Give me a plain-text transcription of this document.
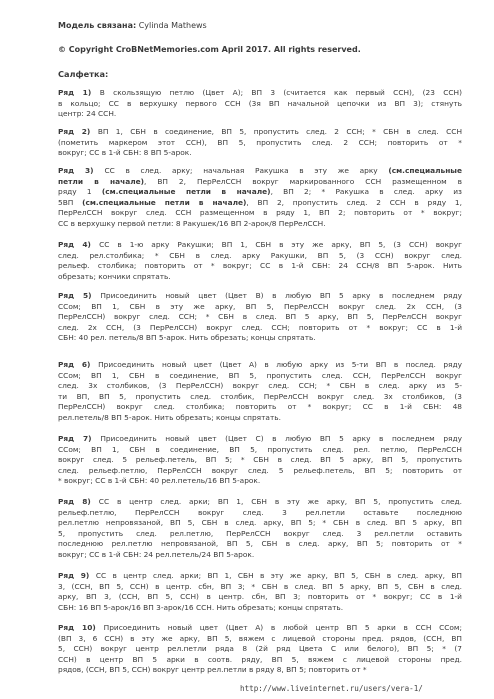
Модель связана: Cylinda Mathews
© Copyright CroBNetMemories.com April 2017. All rights reserved.
Салфетка:

Ряд 1) В скользящую петлю (Цвет А); ВП 3 (считается как первый ССН), (23 ССН)

в кольцо; СС в верхушку первого ССН (3я ВП начальной цепочки из ВП 3); стянуть

центр: 24 ССН.

Ряд 2) ВП 1, СБН в соединение, ВП 5, пропустить след. 2 ССН; * СБН в след. ССН

(пометить маркером этот ССН), ВП 5, пропустить след. 2 ССН; повторить от *

вокруг; СС в 1-й СБН: 8 ВП 5-арок.

Ряд 3) СС в след. арку; начальная Ракушка в эту же арку (см.специальные

петли в начале), ВП 2, ПерРелССН вокруг маркированного ССН размещенном в

ряду 1 (см.специальные петли в начале), ВП 2; * Ракушка в след. арку из

5ВП (см.специальные петли в начале), ВП 2, пропустить след. 2 ССН в ряду 1,

ПерРелССН вокруг след. ССН размещенном в ряду 1, ВП 2; повторить от * вокруг;

СС в верхушку первой петли: 8 Ракушек/16 ВП 2-арок/8 ПерРелССН.

Ряд 4) СС в 1-ю арку Ракушки; ВП 1, СБН в эту же арку, ВП 5, (3 ССН) вокруг

след. рел.столбика; * СБН в след. арку Ракушки, ВП 5, (3 ССН) вокруг след.

рельеф. столбика; повторить от * вокруг; СС в 1-й СБН: 24 ССН/8 ВП 5-арок. Нить

обрезать; кончики спрятать.

Ряд 5) Присоединить новый цвет (Цвет В) в любую ВП 5 арку в последнем ряду

ССом; ВП 1, СБН в эту же арку, ВП 5, ПерРелССН вокруг след. 2х ССН, (3

ПерРелССН) вокруг след. ССН; * СБН в след. ВП 5 арку, ВП 5, ПерРелССН вокруг

след. 2х ССН, (3 ПерРелССН) вокруг след. ССН; повторить от * вокруг; СС в 1-й

СБН: 40 рел. петель/8 ВП 5-арок. Нить обрезать; концы спрятать.

Ряд 6) Присоединить новый цвет (Цвет А) в любую арку из 5-ти ВП в послед. ряду

ССом; ВП 1, СБН в соединение, ВП 5, пропустить след. ССН, ПерРелССН вокруг

след. 3х столбиков, (3 ПерРелССН) вокруг след. ССН; * СБН в след. арку из 5-

ти ВП, ВП 5, пропустить след. столбик, ПерРелССН вокруг след. 3х столбиков, (3

ПерРелССН) вокруг след. столбика; повторить от * вокруг; СС в 1-й СБН: 48

рел.петель/8 ВП 5-арок. Нить обрезать; концы спрятать.

Ряд 7) Присоединить новый цвет (Цвет С) в любую ВП 5 арку в последнем ряду

ССом; ВП 1, СБН в соединение, ВП 5, пропустить след. рел. петлю, ПерРелССН

вокруг след. 5 рельеф.петель, ВП 5; * СБН в след. ВП 5 арку, ВП 5, пропустить

след. рельеф.петлю, ПерРелССН вокруг след. 5 рельеф.петель, ВП 5; повторить от

* вокруг; СС в 1-й СБН: 40 рел.петель/16 ВП 5-арок.

Ряд 8) СС в центр след. арки; ВП 1, СБН в эту же арку, ВП 5, пропустить след.

рельеф.петлю, ПерРелССН вокруг след. 3 рел.петли оставьте последнюю

рел.петлю непровязаной, ВП 5, СБН в след. арку, ВП 5; * СБН в след. ВП 5 арку, ВП

5, пропустить след. рел.петлю, ПерРелССН вокруг след. 3 рел.петли оставить

последнюю рел.петлю непровязаной, ВП 5, СБН в след. арку, ВП 5; повторить от *

вокруг; СС в 1-й СБН: 24 рел.петель/24 ВП 5-арок.

Ряд 9) СС в центр след. арки; ВП 1, СБН в эту же арку, ВП 5, СБН в след. арку, ВП

3, (ССН, ВП 5, ССН) в центр. сбн, ВП 3; * СБН в след. ВП 5 арку, ВП 5, СБН в след.

арку, ВП 3, (ССН, ВП 5, ССН) в центр. сбн, ВП 3; повторить от * вокруг; СС в 1-й

СБН: 16 ВП 5-арок/16 ВП 3-арок/16 ССН. Нить обрезать; концы спрятать.

Ряд 10) Присоединить новый цвет (Цвет А) в любой центр ВП 5 арки в ССН ССом;

(ВП 3, 6 ССН) в эту же арку, ВП 5, вяжем с лицевой стороны пред. рядов, (ССН, ВП

5, ССН) вокруг центр рел.петли ряда 8 (2й ряд Цвета С или белого), ВП 5; * (7

ССН) в центр ВП 5 арки в соотв. ряду, ВП 5, вяжем с лицевой стороны пред.

рядов, (ССН, ВП 5, ССН) вокруг центр рел.петли в ряду 8, ВП 5; повторить от *

http://www.liveinternet.ru/users/vera-1/
